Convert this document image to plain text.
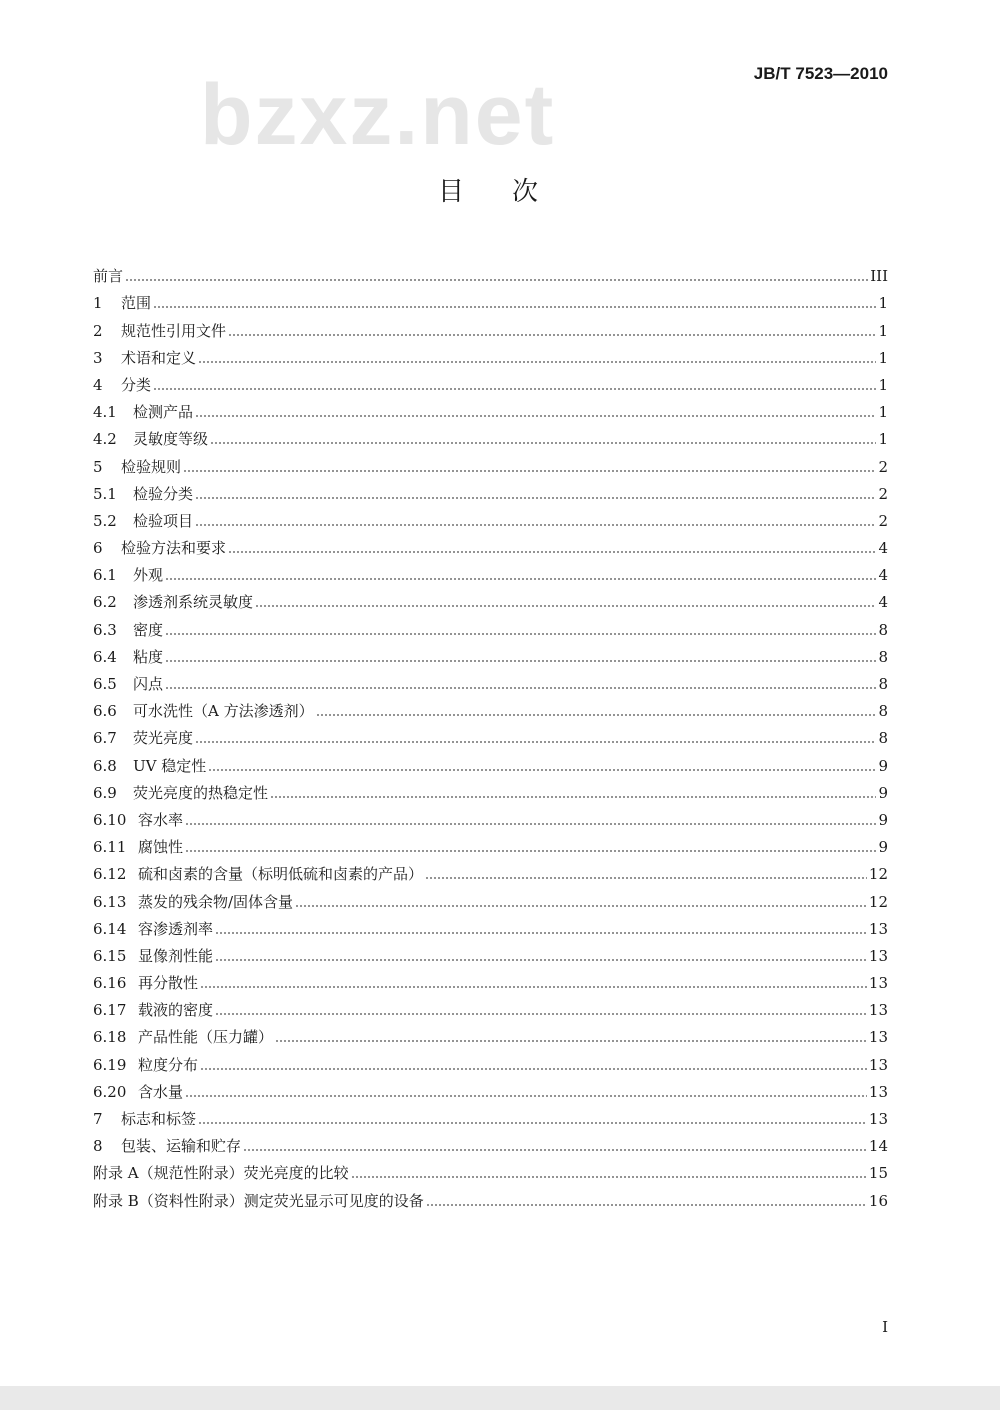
JB/T 7523—2010
bzxz.net
目次
前言	III
1	范围	1
2	规范性引用文件	1
3	术语和定义	1
4	分类	1
4.1	检测产品	1
4.2	灵敏度等级	1
5	检验规则	2
5.1	检验分类	2
5.2	检验项目	2
6	检验方法和要求	4
6.1	外观	4
6.2	渗透剂系统灵敏度	4
6.3	密度	8
6.4	粘度	8
6.5	闪点	8
6.6	可水洗性（A 方法渗透剂）	8
6.7	荧光亮度	8
6.8	UV 稳定性	9
6.9	荧光亮度的热稳定性	9
6.10 容水率	9
6.11 腐蚀性	9
6.12 硫和卤素的含量（标明低硫和卤素的产品）	12
6.13 蒸发的残余物/固体含量	12
6.14 容渗透剂率	13
6.15 显像剂性能	13
6.16 再分散性	13
6.17 载液的密度	13
6.18 产品性能（压力罐）	13
6.19 粒度分布	13
6.20 含水量	13
7	标志和标签	13
8	包装、运输和贮存	14
附录 A（规范性附录）荧光亮度的比较	15
附录 B（资料性附录）测定荧光显示可见度的设备	16
I
